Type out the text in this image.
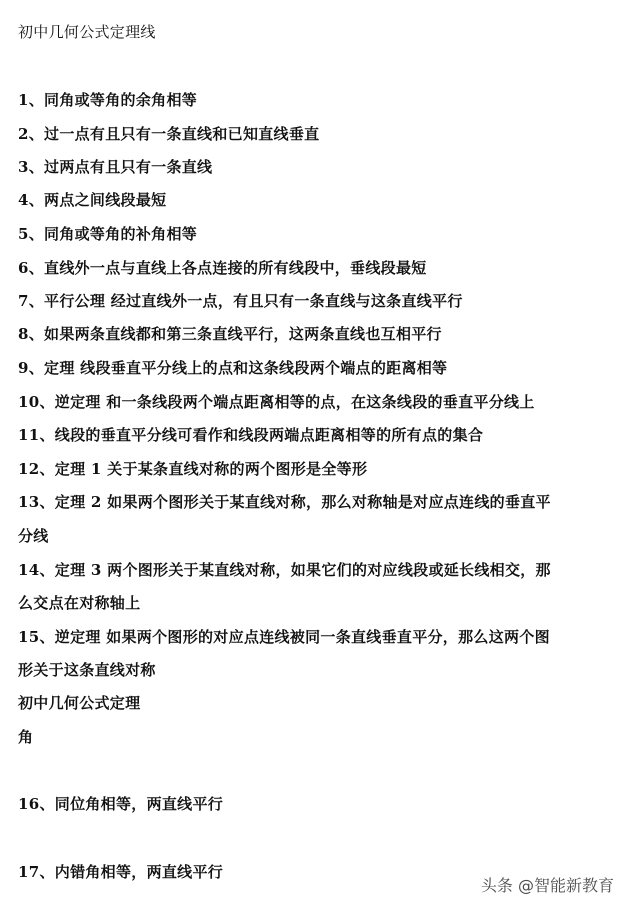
初中几何公式定理线
1、同角或等角的余角相等
2、过一点有且只有一条直线和已知直线垂直
3、过两点有且只有一条直线
4、两点之间线段最短
5、同角或等角的补角相等
6、直线外一点与直线上各点连接的所有线段中，垂线段最短
7、平行公理 经过直线外一点，有且只有一条直线与这条直线平行
8、如果两条直线都和第三条直线平行，这两条直线也互相平行
9、定理 线段垂直平分线上的点和这条线段两个端点的距离相等
10、逆定理 和一条线段两个端点距离相等的点，在这条线段的垂直平分线上
11、线段的垂直平分线可看作和线段两端点距离相等的所有点的集合
12、定理 1 关于某条直线对称的两个图形是全等形
13、定理 2 如果两个图形关于某直线对称，那么对称轴是对应点连线的垂直平
分线
14、定理 3 两个图形关于某直线对称，如果它们的对应线段或延长线相交，那
么交点在对称轴上
15、逆定理 如果两个图形的对应点连线被同一条直线垂直平分，那么这两个图
形关于这条直线对称
初中几何公式定理
角
16、同位角相等，两直线平行
17、内错角相等，两直线平行
头条 @智能新教育
